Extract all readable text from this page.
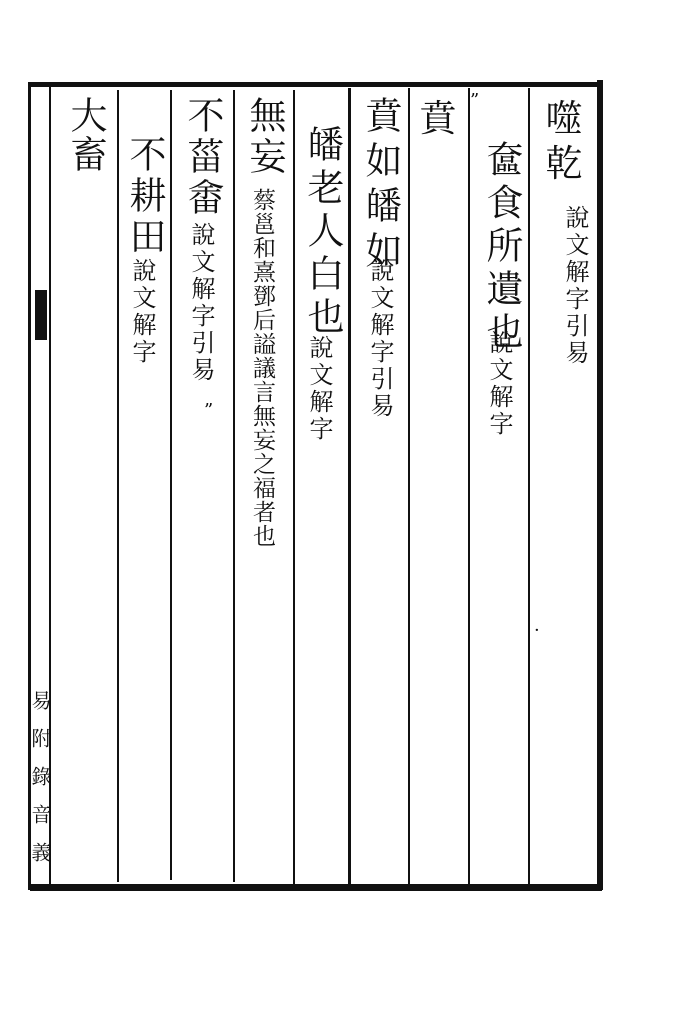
噬乾
說文解字引易
奩食所遺也
說文解字
賁
賁如皤如
說文解字引易
皤老人白也
說文解字
無妄
蔡邕和熹鄧后謚議言無妄之福者也
不菑畬
說文解字引易
不耕田
說文解字
大畜
易附錄音義
”
”
·
